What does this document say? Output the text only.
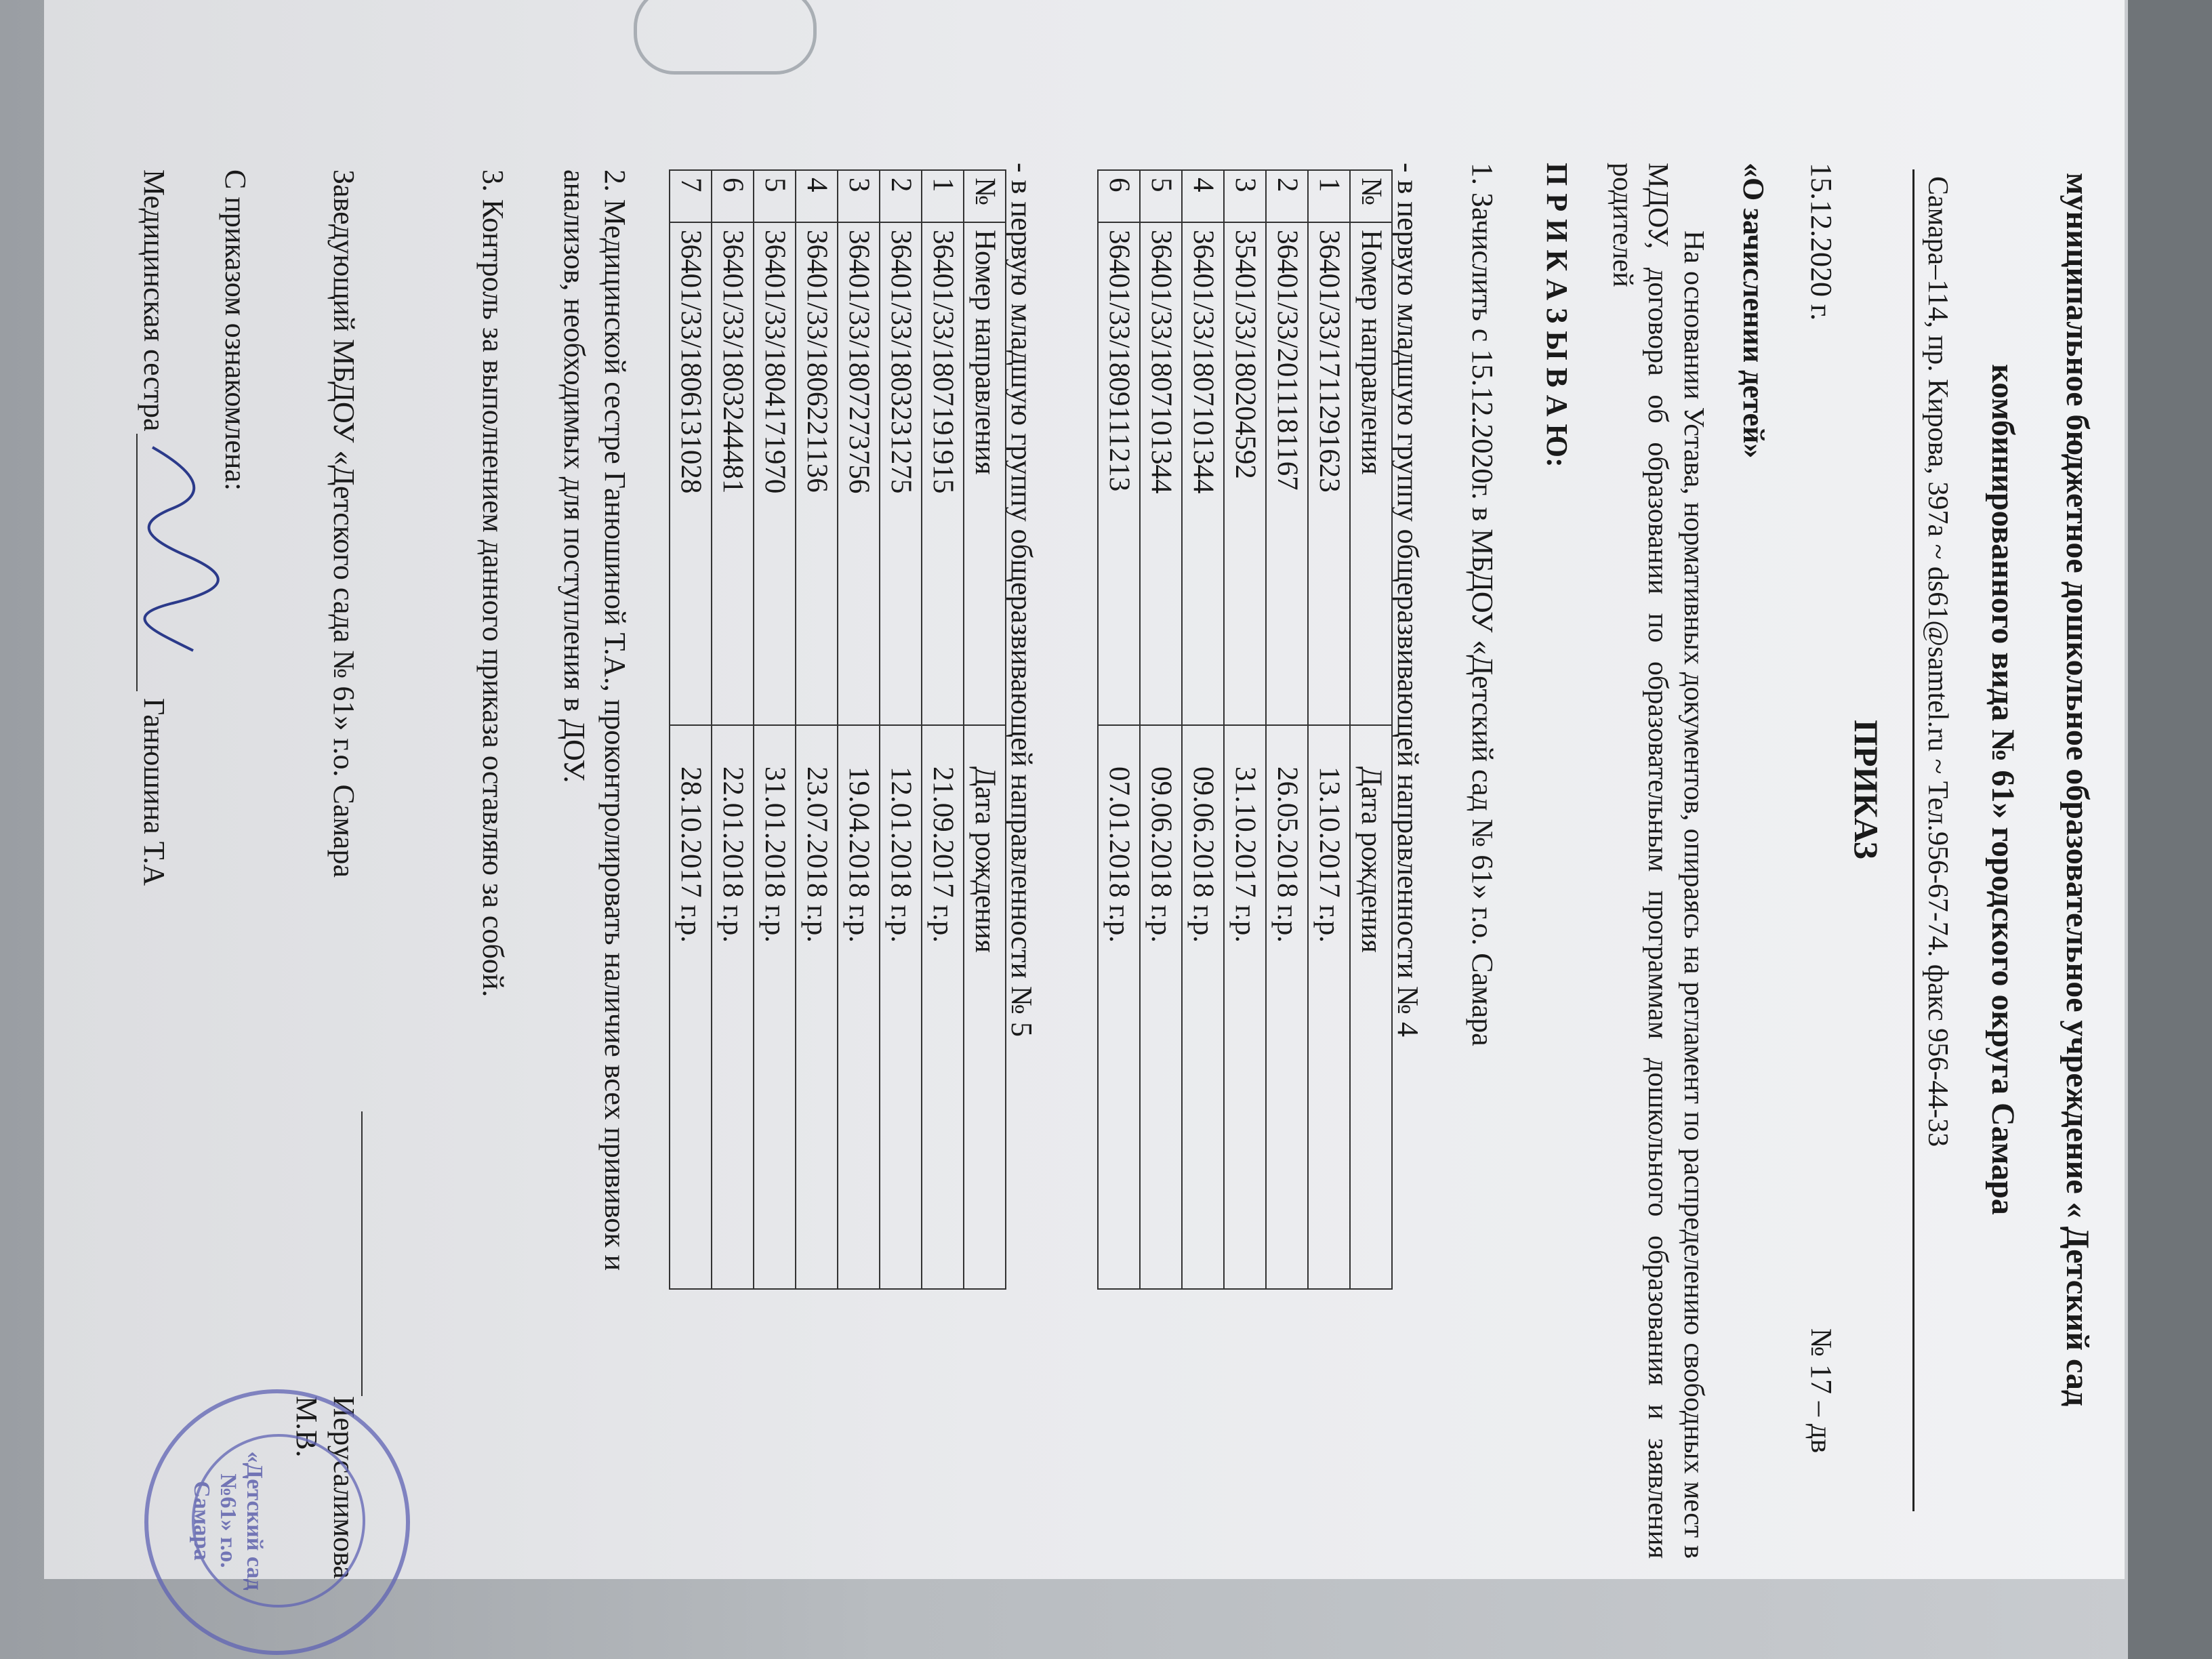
муниципальное бюджетное дошкольное образовательное учреждение « Детский сад
комбинированного вида № 61» городского округа Самара
Самара–114, пр. Кирова, 397а ~ ds61@samtel.ru ~ Тел.956-67-74. факс 956-44-33
ПРИКАЗ
15.12.2020 г.
№ 17 – дв
«О зачислении детей»
На основании Устава, нормативных документов, опираясь на регламент по распределению свободных мест в МДОУ, договора об образовании по образовательным программам дошкольного образования и заявления родителей
П Р И К А З Ы В А Ю:
1. Зачислить с 15.12.2020г. в МБДОУ «Детский сад № 61» г.о. Самара
- в первую младшую группу общеразвивающей направленности № 4
№	Номер направления	Дата рождения
1	36401/33/1711291623	13.10.2017 г.р.
2	36401/33/2011181167	26.05.2018 г.р.
3	35401/33/180204592	31.10.2017 г.р.
4	36401/33/1807101344	09.06.2018 г.р.
5	36401/33/1807101344	09.06.2018 г.р.
6	36401/33/1809111213	07.01.2018 г.р.
- в первую младшую группу общеразвивающей направленности № 5
№	Номер направления	Дата рождения
1	36401/33/1807191915	21.09.2017 г.р.
2	36401/33/1803231275	12.01.2018 г.р.
3	36401/33/1807273756	19.04.2018 г.р.
4	36401/33/1806221136	23.07.2018 г.р.
5	36401/33/1804171970	31.01.2018 г.р.
6	36401/33/1803244481	22.01.2018 г.р.
7	36401/33/1806131028	28.10.2017 г.р.
2. Медицинской сестре Ганюшиной Т.А., проконтролировать наличие всех прививок и
анализов, необходимых для поступления в ДОУ.
3. Контроль за выполнением данного приказа оставляю за собой.
Заведующий МБДОУ «Детского сада № 61» г.о. Самара
Иерусалимова М.В.
«Детский сад №61» г.о. Самара
С приказом ознакомлена:
Медицинская сестра
Ганюшина Т.А
